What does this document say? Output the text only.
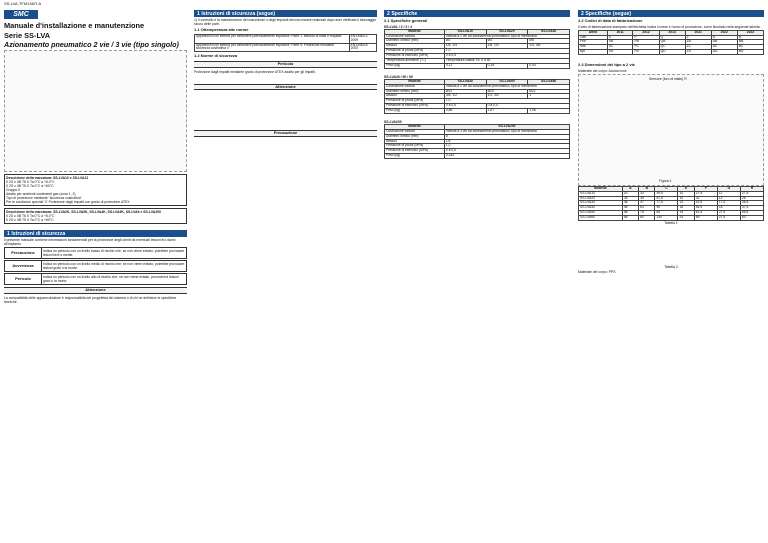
SS-LVA-TFM136IT-A
SMC
Manuale d'installazione e manutenzione
Serie SS-LVA
Azionamento pneumatico 2 vie / 3 vie (tipo singolo)
Descrizione della marcatura: SS-LVA10 e SS-LVA12
II 2G c IIB T6 X Ta 0°C a +5.0°C
II 2G c IIB T5 X Ta 0°C a +60°C
Gruppo II
Adatto per ambienti contenenti gas (zona 1, 2)
Tipo di protezione mediante "sicurezza costruttiva"
Per le condizioni speciali 'X' Protezione dagli impatti con grado di protezione ATEX
Descrizione della marcatura: SS-LVA2K, SS-LVA3K, SS-LVA4K, SS-LVA5K, SS-LVA6 e SS-LVA200
II 2G c IIB T6 X Ta 0°C a +5.0°C
II 2G c IIB T5 X Ta 0°C a +60°C
1 Istruzioni di sicurezza

Il presente manuale contiene informazioni fondamentali per la protezione degli utenti da eventuali lesioni e/o danni all'impianto.

Precauzione	Indica un pericolo con un livello basso di rischio che, se non viene evitato, potrebbe provocare lesioni lievi o medie.
Avvertenza	Indica un pericolo con un livello medio di rischio che, se non viene evitato, potrebbe provocare lesioni gravi o la morte.
Pericolo	Indica un pericolo con un livello alto di rischio che, se non viene evitato, provocherà lesioni gravi o la morte.
Attenzione

La compatibilità delle apparecchiature è responsabilità del progettista del sistema o di chi ne definisce le specifiche tecniche.

1 Istruzioni di sicurezza (segue)

1) Il controllo e la manutenzione dei macchinari o degli impianti devono essere realizzati dopo aver verificato il bloccaggio sicuro delle parti.

1.1 Ottemperanza alle norme
Apparecchi non elettrici per atmosfere potenzialmente esplosive. Parte 1: Metodo di base e requisiti	EN13463-1: 2009
Apparecchi non elettrici per atmosfere potenzialmente esplosive. Parte 5: Protezione mediante sicurezza costruttiva 'c'	EN13463-5: 2003
1.2 Norme di sicurezza
Pericolo

Protezione dagli impatti mediante grado di protezione ATEX adatto per gli impatti.

Attenzione
Precauzione
2 Specifiche
2.1 Specifiche generali
SS-LVA1 / 2 / 3 / 4
Modello	SS-LVA10	SS-LVA20	SS-LVA30
Costruzione valvola	Valvola a 2 vie ad azionamento pneumatico, tipo di membrana		
Diametro orifizio (mm)	Ø2	Ø4	Ø8
Attacco	1/8, 1/4	1/8, 1/4	1/4, 3/8
Pressione di prova (MPa)	1,0		
Pressione di esercizio (MPa)	0 a 0,5		
Temperatura ambiente (°C)	Temperatura classe T6: 0 a 50		
Peso (kg)	0,12	0,18	0,44
SS-LVA40 / 50 / 60
Modello	SS-LVA40	SS-LVA50	SS-LVA60
Costruzione valvola	Valvola a 2 vie ad azionamento pneumatico, tipo di membrana		
Diametro orifizio (mm)	Ø12	Ø20	Ø22
Attacco	3/8, 1/2	1/2, 3/4	1
Pressione di prova (MPa)	1,0		
Pressione di esercizio (MPa)	0 a 0,5	0 a 0,4	
Peso (kg)	0,86	1,67	1,96
SS-LVA200
Modello	SS-LVA200
Costruzione valvola	Valvola a 3 vie ad azionamento pneumatico, tipo di membrana
Diametro orifizio (mm)	8
Attacco	1/4
Pressione di prova (MPa)	1,0
Pressione di esercizio (MPa)	0 a 0,5
Peso (kg)	0,182
2 Specifiche (segue)
2.2 Codici di data di fabbricazione

Il lotto di fabbricazione stampato nell'etichetta indica il mese e l'anno di produzione, come illustrato nella seguente tabella:

Anno	2011	2012	2013	2021	2022	2023
Gen	o	P	Q	Z	A	B
Feb	oB	PB	QB	ZB	AB	BB
Mar	oC	PC	QC	ZC	AC	BC
Apr	oD	PD	QD	ZD	AD	BD
2.3 Dimensioni del tipo a 2 vie

Materiale del corpo: Acciaio inox

Sensore (foro di sfiato) R
Figura 1
Modello	A	B	C	E	F	G	H
SS-LVA10	20	33	49,5	10	27,5	11	27,5
SS-LVA20	35	39	57,5	10	31	12	28
SS-LVA30	36	47	77,5	13	42,5	17,5	38,5
SS-LVA40	46	63	90	18	54,5	18	47,5
SS-LVA50	58	75	84	19	61,5	27,5	55,5
SS-LVA60	58	80	130	24	69	27,5	63
Tabella 1
Tabella 2

Materiale del corpo: PPS
